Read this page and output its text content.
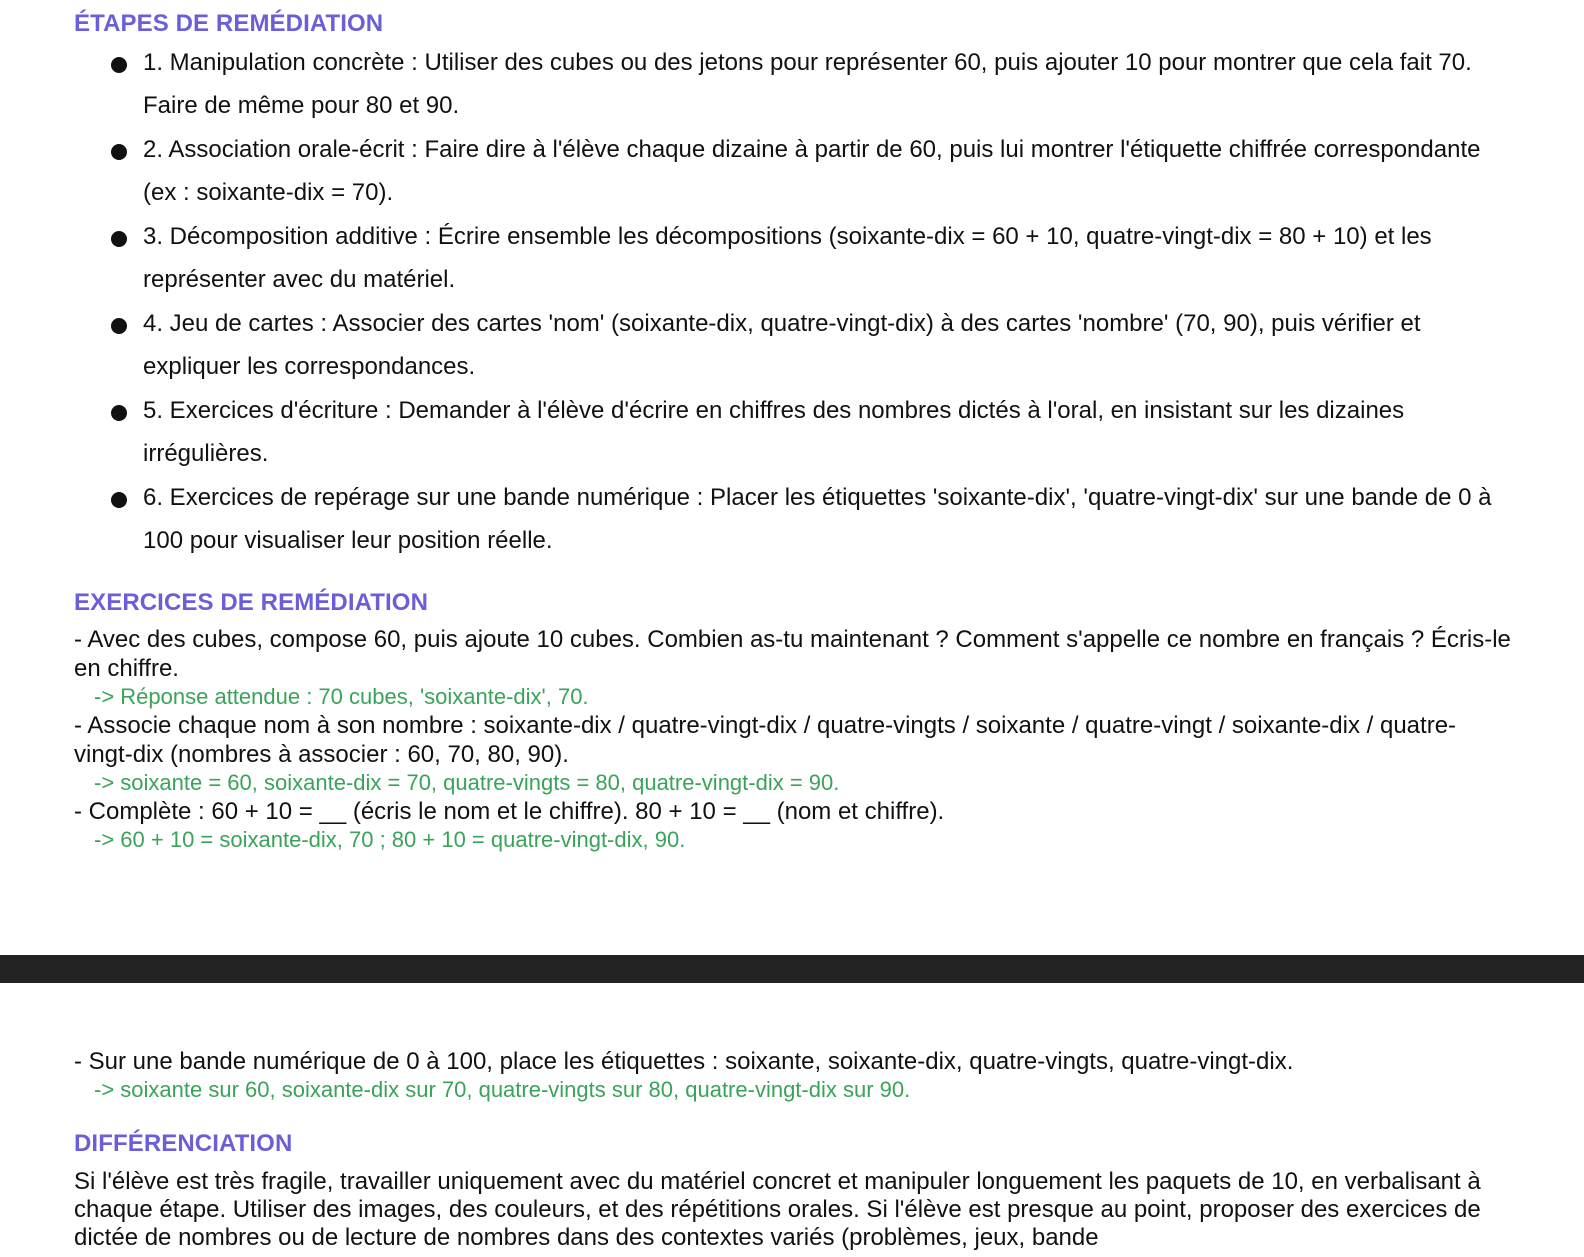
ÉTAPES DE REMÉDIATION
1. Manipulation concrète : Utiliser des cubes ou des jetons pour représenter 60, puis ajouter 10 pour montrer que cela fait 70. Faire de même pour 80 et 90.
2. Association orale-écrit : Faire dire à l'élève chaque dizaine à partir de 60, puis lui montrer l'étiquette chiffrée correspondante (ex : soixante-dix = 70).
3. Décomposition additive : Écrire ensemble les décompositions (soixante-dix = 60 + 10, quatre-vingt-dix = 80 + 10) et les représenter avec du matériel.
4. Jeu de cartes : Associer des cartes 'nom' (soixante-dix, quatre-vingt-dix) à des cartes 'nombre' (70, 90), puis vérifier et expliquer les correspondances.
5. Exercices d'écriture : Demander à l'élève d'écrire en chiffres des nombres dictés à l'oral, en insistant sur les dizaines irrégulières.
6. Exercices de repérage sur une bande numérique : Placer les étiquettes 'soixante-dix', 'quatre-vingt-dix' sur une bande de 0 à 100 pour visualiser leur position réelle.
EXERCICES DE REMÉDIATION

- Avec des cubes, compose 60, puis ajoute 10 cubes. Combien as-tu maintenant ? Comment s'appelle ce nombre en français ? Écris-le en chiffre.

-> Réponse attendue : 70 cubes, 'soixante-dix', 70.

- Associe chaque nom à son nombre : soixante-dix / quatre-vingt-dix / quatre-vingts / soixante / quatre-vingt / soixante-dix / quatre-vingt-dix (nombres à associer : 60, 70, 80, 90).

-> soixante = 60, soixante-dix = 70, quatre-vingts = 80, quatre-vingt-dix = 90.

- Complète : 60 + 10 = __ (écris le nom et le chiffre). 80 + 10 = __ (nom et chiffre).

-> 60 + 10 = soixante-dix, 70 ; 80 + 10 = quatre-vingt-dix, 90.

- Sur une bande numérique de 0 à 100, place les étiquettes : soixante, soixante-dix, quatre-vingts, quatre-vingt-dix.

-> soixante sur 60, soixante-dix sur 70, quatre-vingts sur 80, quatre-vingt-dix sur 90.

DIFFÉRENCIATION

Si l'élève est très fragile, travailler uniquement avec du matériel concret et manipuler longuement les paquets de 10, en verbalisant à chaque étape. Utiliser des images, des couleurs, et des répétitions orales. Si l'élève est presque au point, proposer des exercices de dictée de nombres ou de lecture de nombres dans des contextes variés (problèmes, jeux, bande
